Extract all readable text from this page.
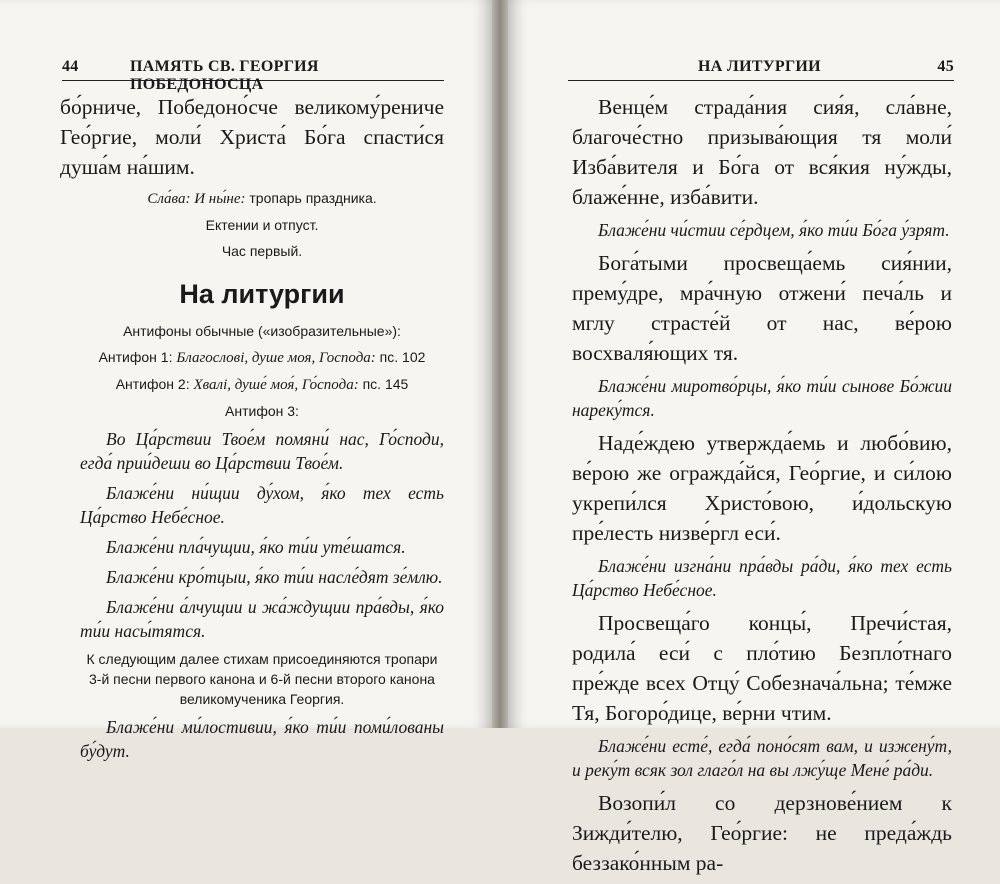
44	ПАМЯТЬ СВ. ГЕОРГИЯ ПОБЕДОНОСЦА

бо́рниче, Победоно́сче великому́рениче Гео́ргие, моли́ Христа́ Бо́га спасти́ся душа́м на́шим.

Сла́ва: И ны́не: тропарь праздника.

Ектении и отпуст.

Час первый.

На литургии

Антифоны обычные («изобразительные»):

Антифон 1: Благослові, душе моя, Господа: пс. 102

Антифон 2: Хвалі, душе́ моя́, Го́спода: пс. 145

Антифон 3:

Во Ца́рствии Твое́м помяни́ нас, Го́споди, егда́ прии́деши во Ца́рствии Твое́м.

Блаже́ни ни́щии ду́хом, я́ко тех есть Ца́рство Небе́сное.

Блаже́ни пла́чущии, я́ко ти́и уте́шатся.

Блаже́ни кро́тцыи, я́ко ти́и насле́дят зе́млю.

Блаже́ни а́лчущии и жа́ждущии пра́вды, я́ко ти́и насы́тятся.

К следующим далее стихам присоединяются тропари 3-й песни первого канона и 6-й песни второго канона великомученика Георгия.

Блаже́ни ми́лостивии, я́ко ти́и поми́лованы бу́дут.

НА ЛИТУРГИИ	45

Венце́м страда́ния сия́я, сла́вне, благоче́стно призыва́ющия тя моли́ Изба́вителя и Бо́га от вся́кия ну́жды, блаже́нне, изба́вити.

Блаже́ни чи́стии се́рдцем, я́ко ти́и Бо́га у́зрят.

Бога́тыми просвеща́емь сия́нии, прему́дре, мра́чную отжени́ печа́ль и мглу страсте́й от нас, ве́рою восхваля́ющих тя.

Блаже́ни миротво́рцы, я́ко ти́и сынове Бо́жии нареку́тся.

Наде́ждею утвержда́емь и любо́вию, ве́рою же огражда́йся, Гео́ргие, и си́лою укрепи́лся Христо́вою, и́дольскую пре́лесть низве́ргл еси́.

Блаже́ни изгна́ни пра́вды ра́ди, я́ко тех есть Ца́рство Небе́сное.

Просвеща́го концы́, Пречи́стая, родила́ еси́ с пло́тию Безпло́тнаго пре́жде всех Отцу́ Собезнача́льна; те́мже Тя, Богоро́дице, ве́рни чтим.

Блаже́ни есте́, егда́ поно́сят вам, и изжену́т, и реку́т всяк зол глаго́л на вы лжу́ще Мене́ ра́ди.

Возопи́л со дерзнове́нием к Зижди́телю, Гео́ргие: не преда́ждь беззако́нным ра-
